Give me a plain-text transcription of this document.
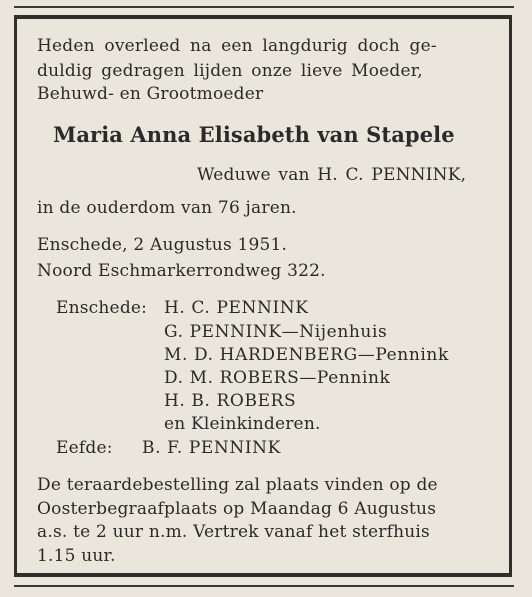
Heden overleed na een langdurig doch ge-
duldig gedragen lijden onze lieve Moeder,
Behuwd- en Grootmoeder
Maria Anna Elisabeth van Stapele
Weduwe van H. C. PENNINK,
in de ouderdom van 76 jaren.
Enschede, 2 Augustus 1951.
Noord Eschmarkerrondweg 322.
Enschede: H. C. PENNINK
G. PENNINK—Nijenhuis
M. D. HARDENBERG—Pennink
D. M. ROBERS—Pennink
H. B. ROBERS
en Kleinkinderen.
Eefde: B. F. PENNINK
De teraardebestelling zal plaats vinden op de
Oosterbegraafplaats op Maandag 6 Augustus
a.s. te 2 uur n.m. Vertrek vanaf het sterfhuis
1.15 uur.
